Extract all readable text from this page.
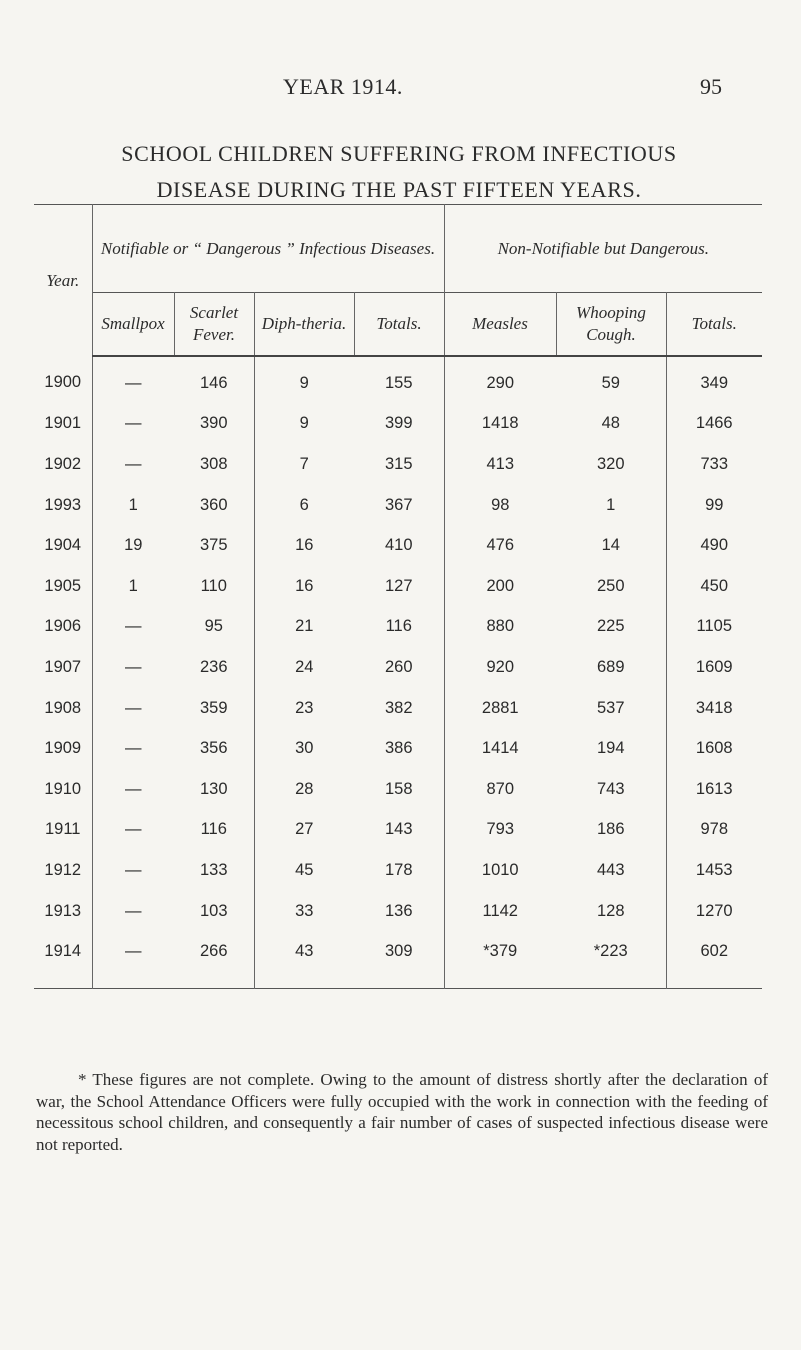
YEAR 1914.	95
SCHOOL CHILDREN SUFFERING FROM INFECTIOUS
DISEASE DURING THE PAST FIFTEEN YEARS.
Year.	Notifiable or “ Dangerous ” Infectious Diseases.				Non-Notifiable but Dangerous.		
	Smallpox	Scarlet Fever.	Diph-theria.	Totals.	Measles	Whooping Cough.	Totals.
1900	—	146	9	155	290	59	349
1901	—	390	9	399	1418	48	1466
1902	—	308	7	315	413	320	733
1993	1	360	6	367	98	1	99
1904	19	375	16	410	476	14	490
1905	1	110	16	127	200	250	450
1906	—	95	21	116	880	225	1105
1907	—	236	24	260	920	689	1609
1908	—	359	23	382	2881	537	3418
1909	—	356	30	386	1414	194	1608
1910	—	130	28	158	870	743	1613
1911	—	116	27	143	793	186	978
1912	—	133	45	178	1010	443	1453
1913	—	103	33	136	1142	128	1270
1914	—	266	43	309	*379	*223	602

* These figures are not complete. Owing to the amount of distress shortly after the declaration of war, the School Attendance Officers were fully occupied with the work in connection with the feeding of necessitous school children, and consequently a fair number of cases of suspected infectious disease were not reported.
